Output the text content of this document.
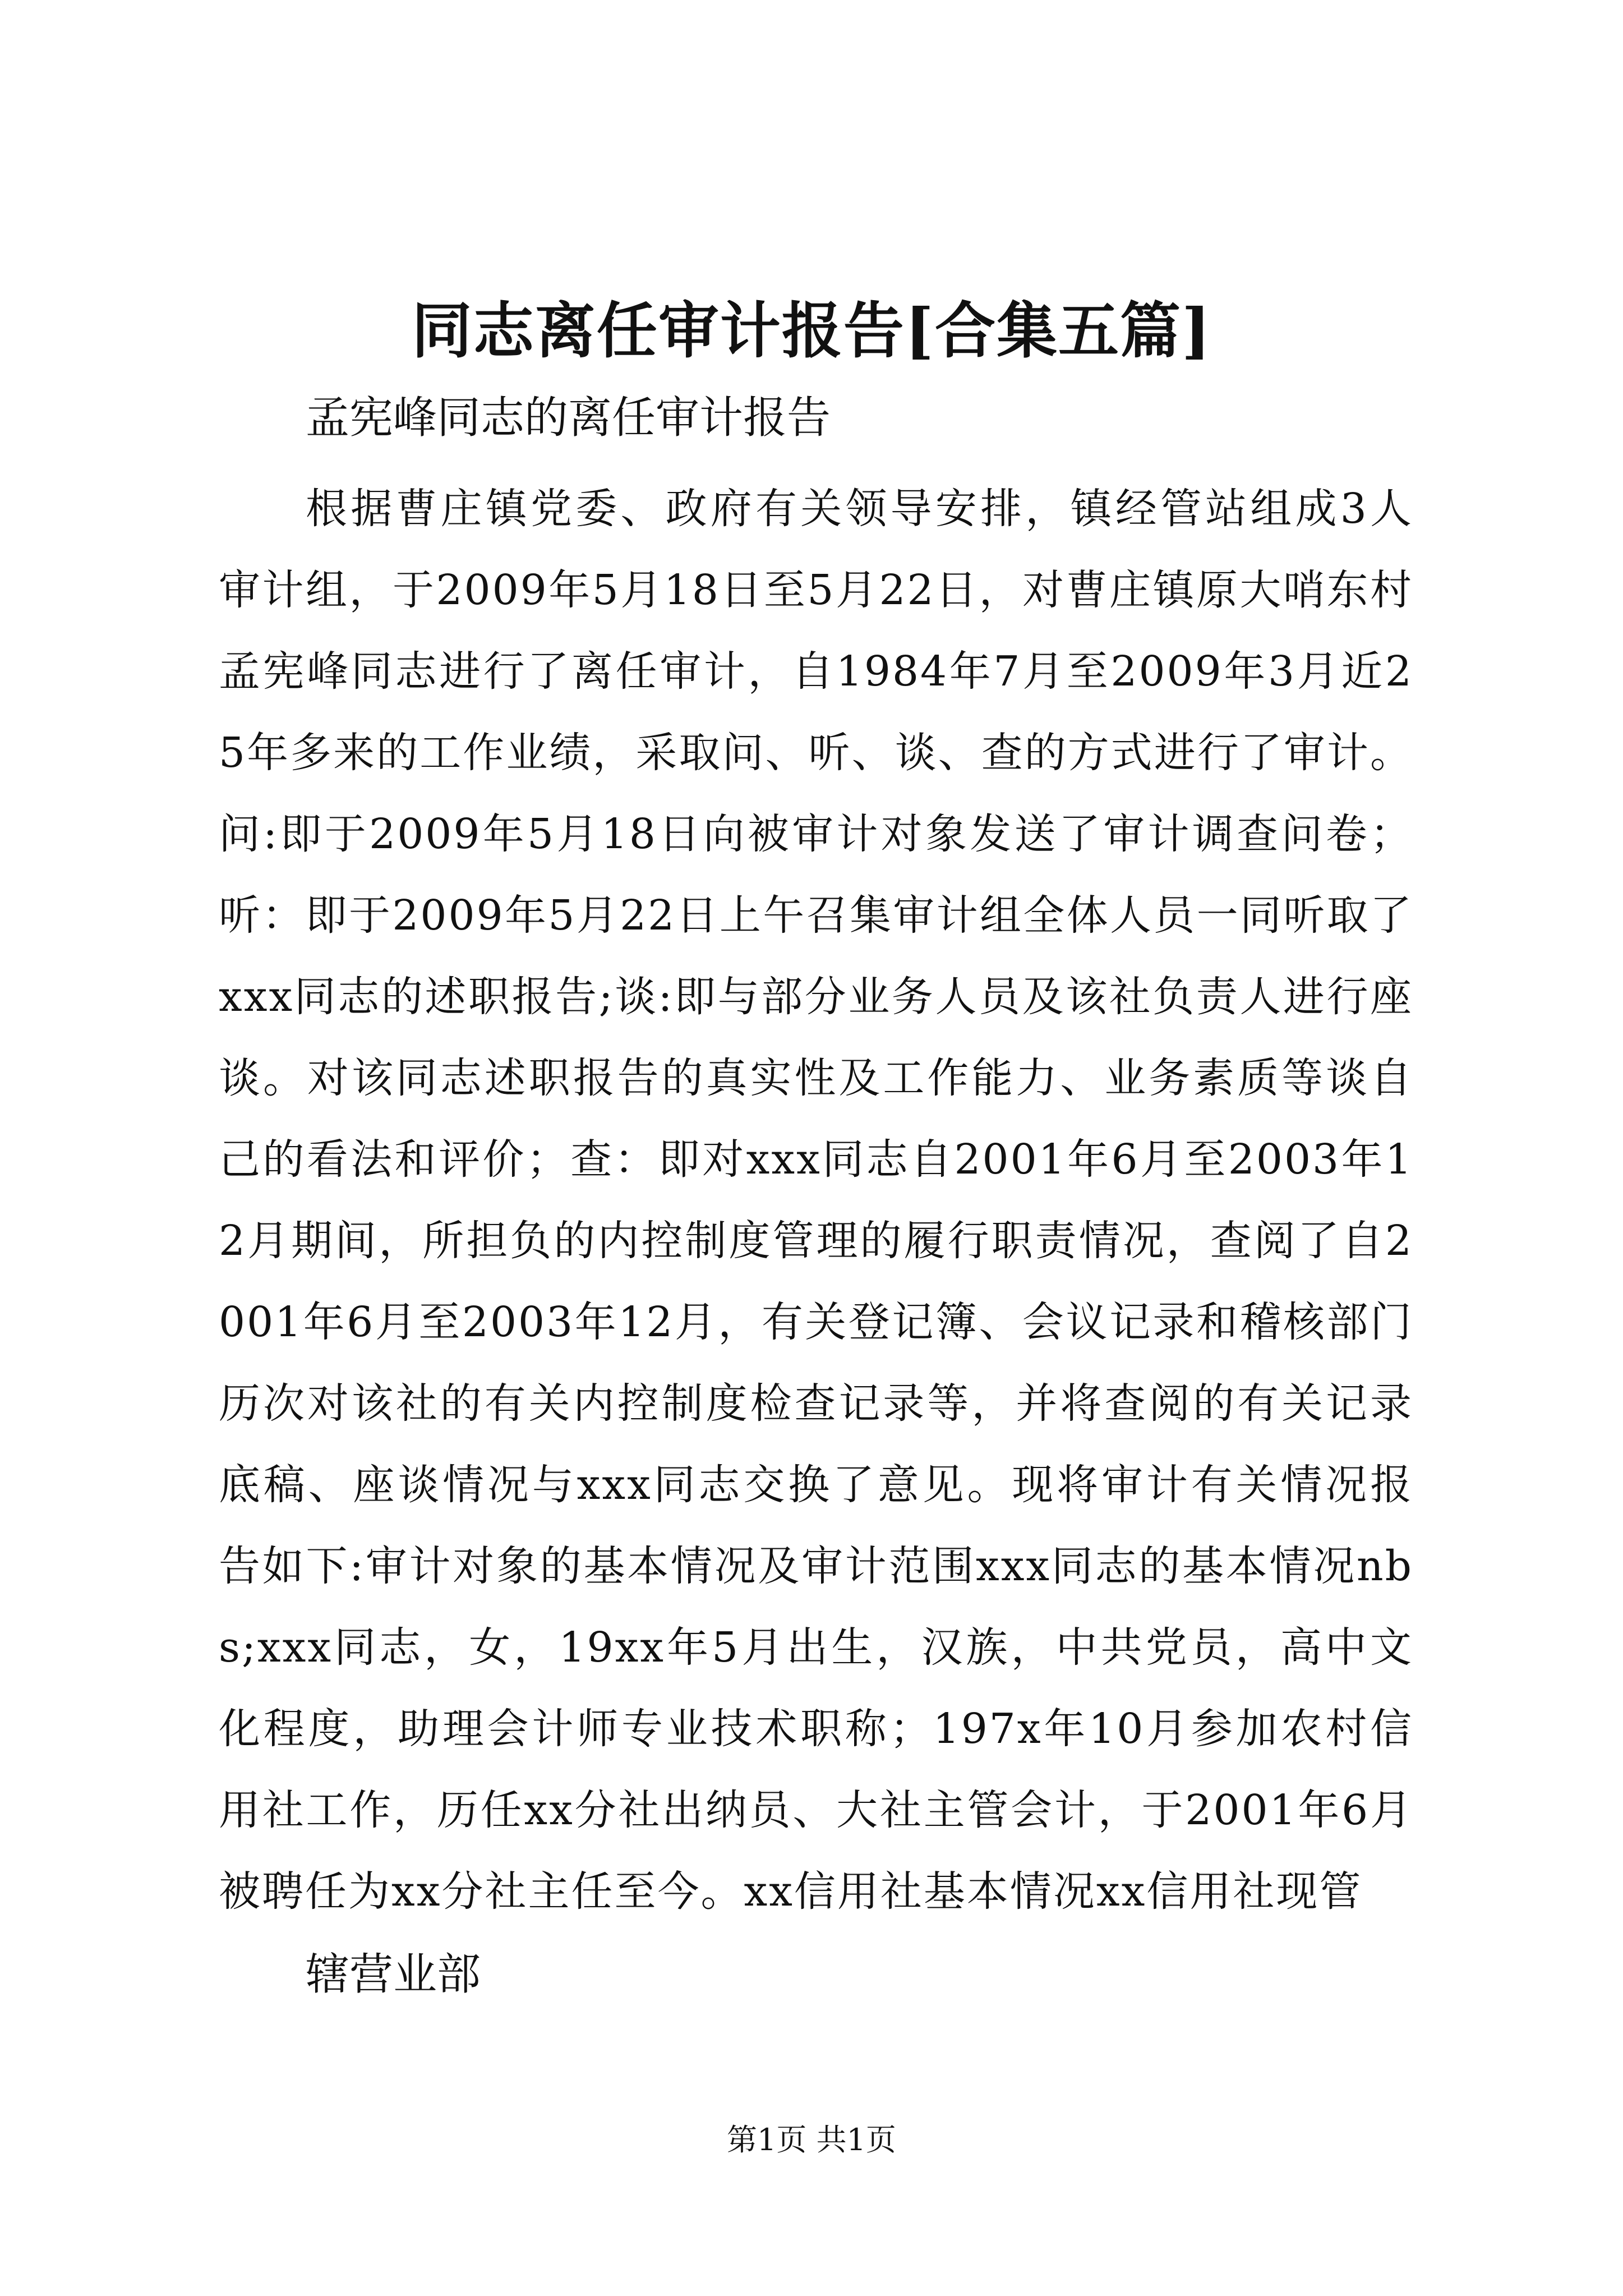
同志离任审计报告[合集五篇]
孟宪峰同志的离任审计报告
根据曹庄镇党委、政府有关领导安排，镇经管站组成3人审计组，于2009年5月18日至5月22日，对曹庄镇原大哨东村孟宪峰同志进行了离任审计，自1984年7月至2009年3月近25年多来的工作业绩，采取问、听、谈、查的方式进行了审计。问:即于2009年5月18日向被审计对象发送了审计调查问卷；听：即于2009年5月22日上午召集审计组全体人员一同听取了xxx同志的述职报告;谈:即与部分业务人员及该社负责人进行座谈。对该同志述职报告的真实性及工作能力、业务素质等谈自己的看法和评价；查：即对xxx同志自2001年6月至2003年12月期间，所担负的内控制度管理的履行职责情况，查阅了自2001年6月至2003年12月，有关登记簿、会议记录和稽核部门历次对该社的有关内控制度检查记录等，并将查阅的有关记录底稿、座谈情况与xxx同志交换了意见。现将审计有关情况报告如下:审计对象的基本情况及审计范围xxx同志的基本情况nbs;xxx同志，女，19xx年5月出生，汉族，中共党员，高中文化程度，助理会计师专业技术职称；197x年10月参加农村信用社工作，历任xx分社出纳员、大社主管会计，于2001年6月被聘任为xx分社主任至今。xx信用社基本情况xx信用社现管
辖营业部
第1页 共1页
